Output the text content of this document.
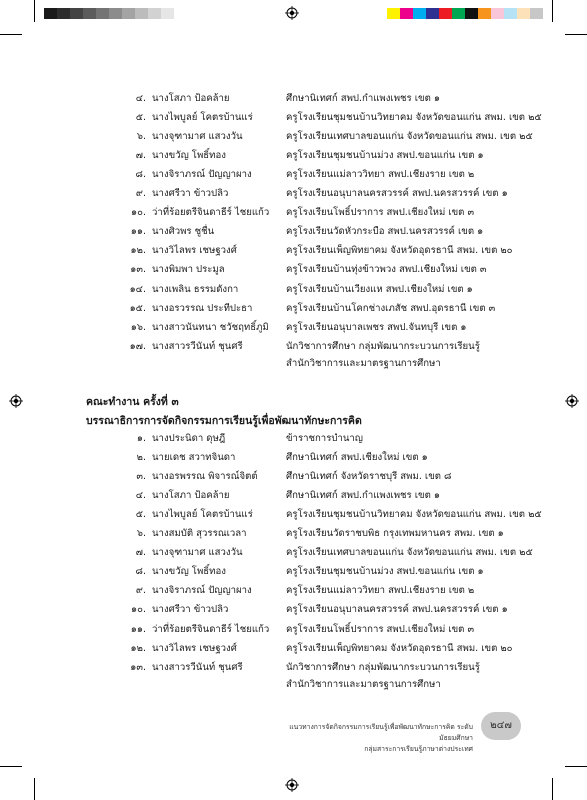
๔. นางโสภา ป้อคล้าย	ศึกษานิเทศก์ สพป.กำแพงเพชร เขต ๑
๕. นางไพบูลย์ โคตรบ้านแร่	ครูโรงเรียนชุมชนบ้านวิทยาคม จังหวัดขอนแก่น สพม. เขต ๒๕
๖. นางจุฑามาศ แสวงวัน	ครูโรงเรียนเทศบาลขอนแก่น จังหวัดขอนแก่น สพม. เขต ๒๕
๗. นางขวัญ โพธิ์ทอง	ครูโรงเรียนชุมชนบ้านม่วง สพป.ขอนแก่น เขต ๑
๘. นางจิราภรณ์ ปัญญาผาง	ครูโรงเรียนแม่ลาววิทยา สพป.เชียงราย เขต ๒
๙. นางศรีวา ข้าวปลิว	ครูโรงเรียนอนุบาลนครสวรรค์ สพป.นครสวรรค์ เขต ๑
๑๐. ว่าที่ร้อยตรีจินดาธีร์ ไชยแก้ว ครูโรงเรียนโพธิ์ปราการ สพป.เชียงใหม่ เขต ๓
๑๑. นางศิวพร ชูชื่น	ครูโรงเรียนวัดหัวกระบือ สพป.นครสวรรค์ เขต ๑
๑๒. นางวิไลพร เชษฐวงศ์	ครูโรงเรียนเพ็ญพิทยาคม จังหวัดอุดรธานี สพม. เขต ๒๐
๑๓. นางพิมพา ประมูล	ครูโรงเรียนบ้านทุ่งข้าวพวง สพป.เชียงใหม่ เขต ๓
๑๔. นางเพลิน ธรรมดังกา	ครูโรงเรียนบ้านเวียงแห สพป.เชียงใหม่ เขต ๑
๑๕. นางอรวรรณ ประทีปะธา	ครูโรงเรียนบ้านโคกช่างเภสัช สพป.อุดรธานี เขต ๓
๑๖. นางสาวนันทนา ชวัชฤทธิ์ภูมิ ครูโรงเรียนอนุบาลเพชร สพป.จันทบุรี เขต ๑
๑๗. นางสาวรวีนันท์ ชุนศรี	นักวิชาการศึกษา กลุ่มพัฒนากระบวนการเรียนรู้
สำนักวิชาการและมาตรฐานการศึกษา
คณะทำงาน ครั้งที่ ๓
บรรณาธิการการจัดกิจกรรมการเรียนรู้เพื่อพัฒนาทักษะการคิด
๑. นางประนิดา ดุษฎี	ข้าราชการบำนาญ
๒. นายเดช สวาทจินดา	ศึกษานิเทศก์ สพป.เชียงใหม่ เขต ๑
๓. นางอรพรรณ พิจารณ์จิตต์	ศึกษานิเทศก์ จังหวัดราชบุรี สพม. เขต ๘
๔. นางโสภา ป้อคล้าย	ศึกษานิเทศก์ สพป.กำแพงเพชร เขต ๑
๕. นางไพบูลย์ โคตรบ้านแร่	ครูโรงเรียนชุมชนบ้านวิทยาคม จังหวัดขอนแก่น สพม. เขต ๒๕
๖. นางสมบัติ สุวรรณเวลา	ครูโรงเรียนวัดราชบพิธ กรุงเทพมหานคร สพม. เขต ๑
๗. นางจุฑามาศ แสวงวัน	ครูโรงเรียนเทศบาลขอนแก่น จังหวัดขอนแก่น สพม. เขต ๒๕
๘. นางขวัญ โพธิ์ทอง	ครูโรงเรียนชุมชนบ้านม่วง สพป.ขอนแก่น เขต ๑
๙. นางจิราภรณ์ ปัญญาผาง	ครูโรงเรียนแม่ลาววิทยา สพป.เชียงราย เขต ๒
๑๐. นางศรีวา ข้าวปลิว	ครูโรงเรียนอนุบาลนครสวรรค์ สพป.นครสวรรค์ เขต ๑
๑๑. ว่าที่ร้อยตรีจินดาธีร์ ไชยแก้ว ครูโรงเรียนโพธิ์ปราการ สพป.เชียงใหม่ เขต ๓
๑๒. นางวิไลพร เชษฐวงศ์	ครูโรงเรียนเพ็ญพิทยาคม จังหวัดอุดรธานี สพม. เขต ๒๐
๑๓. นางสาวรวีนันท์ ชุนศรี	นักวิชาการศึกษา กลุ่มพัฒนากระบวนการเรียนรู้
สำนักวิชาการและมาตรฐานการศึกษา
แนวทางการจัดกิจกรรมการเรียนรู้เพื่อพัฒนาทักษะการคิด ระดับมัธยมศึกษา
กลุ่มสาระการเรียนรู้ภาษาต่างประเทศ
๒๔๗
